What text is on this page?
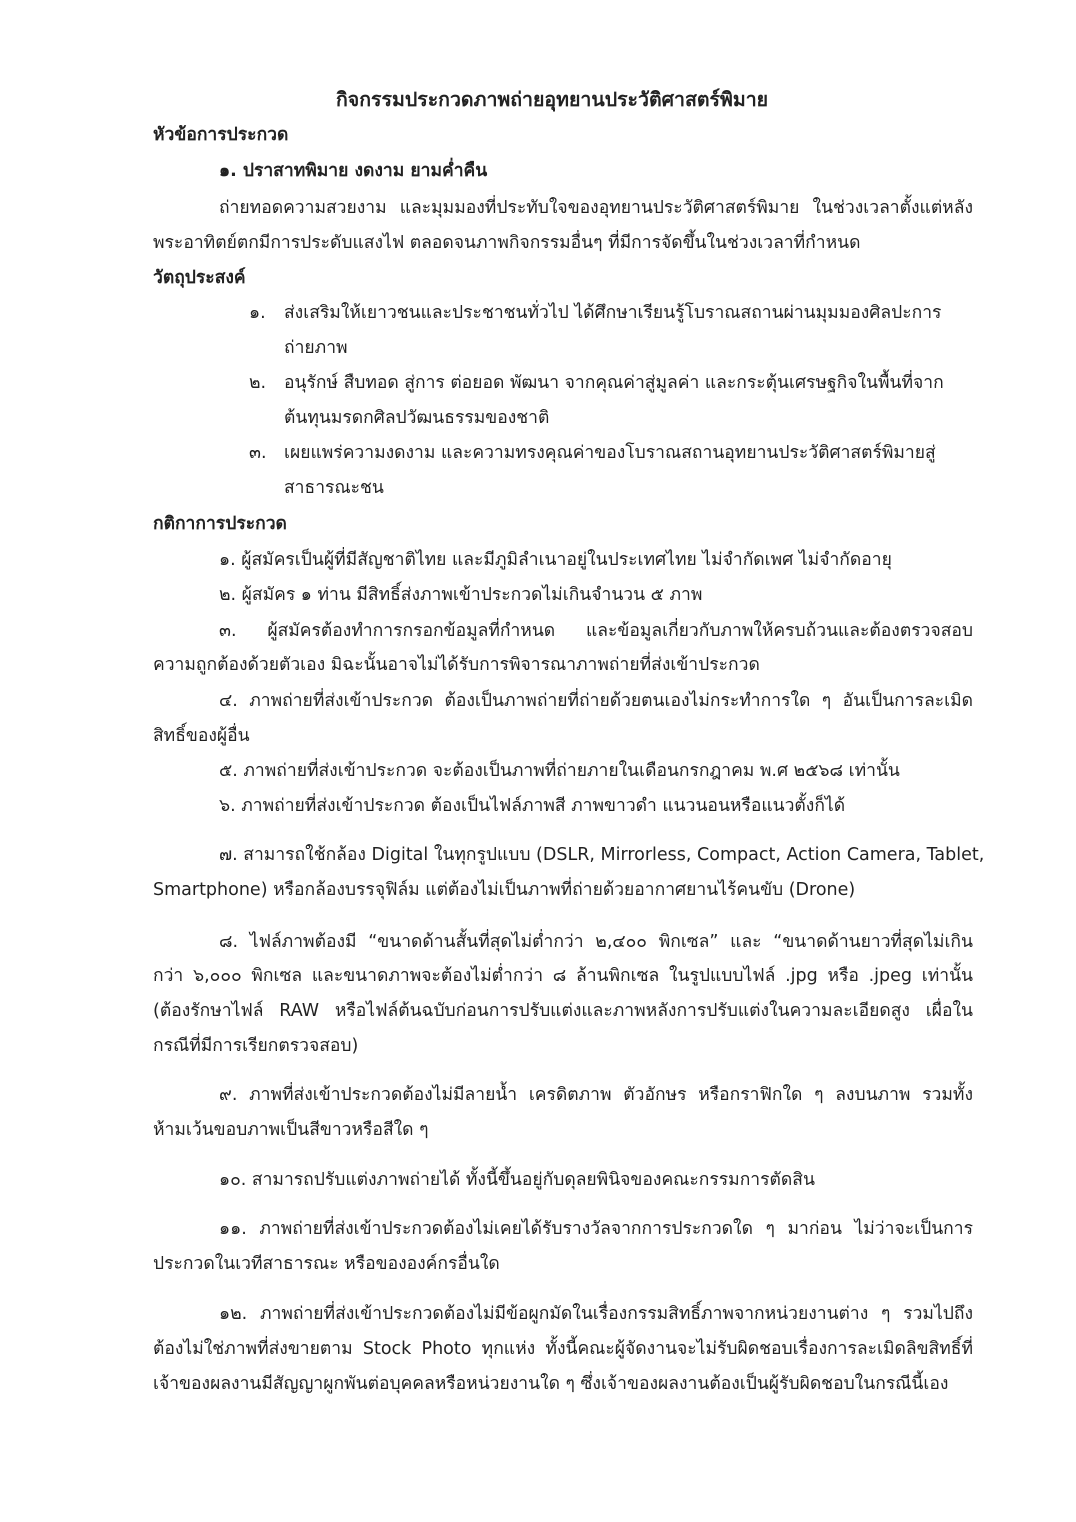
กิจกรรมประกวดภาพถ่ายอุทยานประวัติศาสตร์พิมาย
หัวข้อการประกวด
๑. ปราสาทพิมาย งดงาม ยามค่ำคืน
ถ่ายทอดความสวยงาม และมุมมองที่ประทับใจของอุทยานประวัติศาสตร์พิมาย ในช่วงเวลาตั้งแต่หลัง
พระอาทิตย์ตกมีการประดับแสงไฟ ตลอดจนภาพกิจกรรมอื่นๆ ที่มีการจัดขึ้นในช่วงเวลาที่กำหนด
วัตถุประสงค์
๑. ส่งเสริมให้เยาวชนและประชาชนทั่วไป ได้ศึกษาเรียนรู้โบราณสถานผ่านมุมมองศิลปะการ
ถ่ายภาพ
๒. อนุรักษ์ สืบทอด สู่การ ต่อยอด พัฒนา จากคุณค่าสู่มูลค่า และกระตุ้นเศรษฐกิจในพื้นที่จาก
ต้นทุนมรดกศิลปวัฒนธรรมของชาติ
๓. เผยแพร่ความงดงาม และความทรงคุณค่าของโบราณสถานอุทยานประวัติศาสตร์พิมายสู่
สาธารณะชน
กติกาการประกวด
๑. ผู้สมัครเป็นผู้ที่มีสัญชาติไทย และมีภูมิลำเนาอยู่ในประเทศไทย ไม่จำกัดเพศ ไม่จำกัดอายุ
๒. ผู้สมัคร ๑ ท่าน มีสิทธิ์ส่งภาพเข้าประกวดไม่เกินจำนวน ๕ ภาพ
๓. ผู้สมัครต้องทำการกรอกข้อมูลที่กำหนด และข้อมูลเกี่ยวกับภาพให้ครบถ้วนและต้องตรวจสอบ
ความถูกต้องด้วยตัวเอง มิฉะนั้นอาจไม่ได้รับการพิจารณาภาพถ่ายที่ส่งเข้าประกวด
๔. ภาพถ่ายที่ส่งเข้าประกวด ต้องเป็นภาพถ่ายที่ถ่ายด้วยตนเองไม่กระทำการใด ๆ อันเป็นการละเมิด
สิทธิ์ของผู้อื่น
๕. ภาพถ่ายที่ส่งเข้าประกวด จะต้องเป็นภาพที่ถ่ายภายในเดือนกรกฎาคม พ.ศ ๒๕๖๘ เท่านั้น
๖. ภาพถ่ายที่ส่งเข้าประกวด ต้องเป็นไฟล์ภาพสี ภาพขาวดำ แนวนอนหรือแนวตั้งก็ได้
๗. สามารถใช้กล้อง Digital ในทุกรูปแบบ (DSLR, Mirrorless, Compact, Action Camera, Tablet,
Smartphone) หรือกล้องบรรจุฟิล์ม แต่ต้องไม่เป็นภาพที่ถ่ายด้วยอากาศยานไร้คนขับ (Drone)
๘. ไฟล์ภาพต้องมี “ขนาดด้านสั้นที่สุดไม่ต่ำกว่า ๒,๔๐๐ พิกเซล” และ “ขนาดด้านยาวที่สุดไม่เกิน
กว่า ๖,๐๐๐ พิกเซล และขนาดภาพจะต้องไม่ต่ำกว่า ๘ ล้านพิกเซล ในรูปแบบไฟล์ .jpg หรือ .jpeg เท่านั้น
(ต้องรักษาไฟล์ RAW หรือไฟล์ต้นฉบับก่อนการปรับแต่งและภาพหลังการปรับแต่งในความละเอียดสูง เผื่อใน
กรณีที่มีการเรียกตรวจสอบ)
๙. ภาพที่ส่งเข้าประกวดต้องไม่มีลายน้ำ เครดิตภาพ ตัวอักษร หรือกราฟิกใด ๆ ลงบนภาพ รวมทั้ง
ห้ามเว้นขอบภาพเป็นสีขาวหรือสีใด ๆ
๑๐. สามารถปรับแต่งภาพถ่ายได้ ทั้งนี้ขึ้นอยู่กับดุลยพินิจของคณะกรรมการตัดสิน
๑๑. ภาพถ่ายที่ส่งเข้าประกวดต้องไม่เคยได้รับรางวัลจากการประกวดใด ๆ มาก่อน ไม่ว่าจะเป็นการ
ประกวดในเวทีสาธารณะ หรือขององค์กรอื่นใด
๑๒. ภาพถ่ายที่ส่งเข้าประกวดต้องไม่มีข้อผูกมัดในเรื่องกรรมสิทธิ์ภาพจากหน่วยงานต่าง ๆ รวมไปถึง
ต้องไม่ใช่ภาพที่ส่งขายตาม Stock Photo ทุกแห่ง ทั้งนี้คณะผู้จัดงานจะไม่รับผิดชอบเรื่องการละเมิดลิขสิทธิ์ที่
เจ้าของผลงานมีสัญญาผูกพันต่อบุคคลหรือหน่วยงานใด ๆ ซึ่งเจ้าของผลงานต้องเป็นผู้รับผิดชอบในกรณีนี้เอง
